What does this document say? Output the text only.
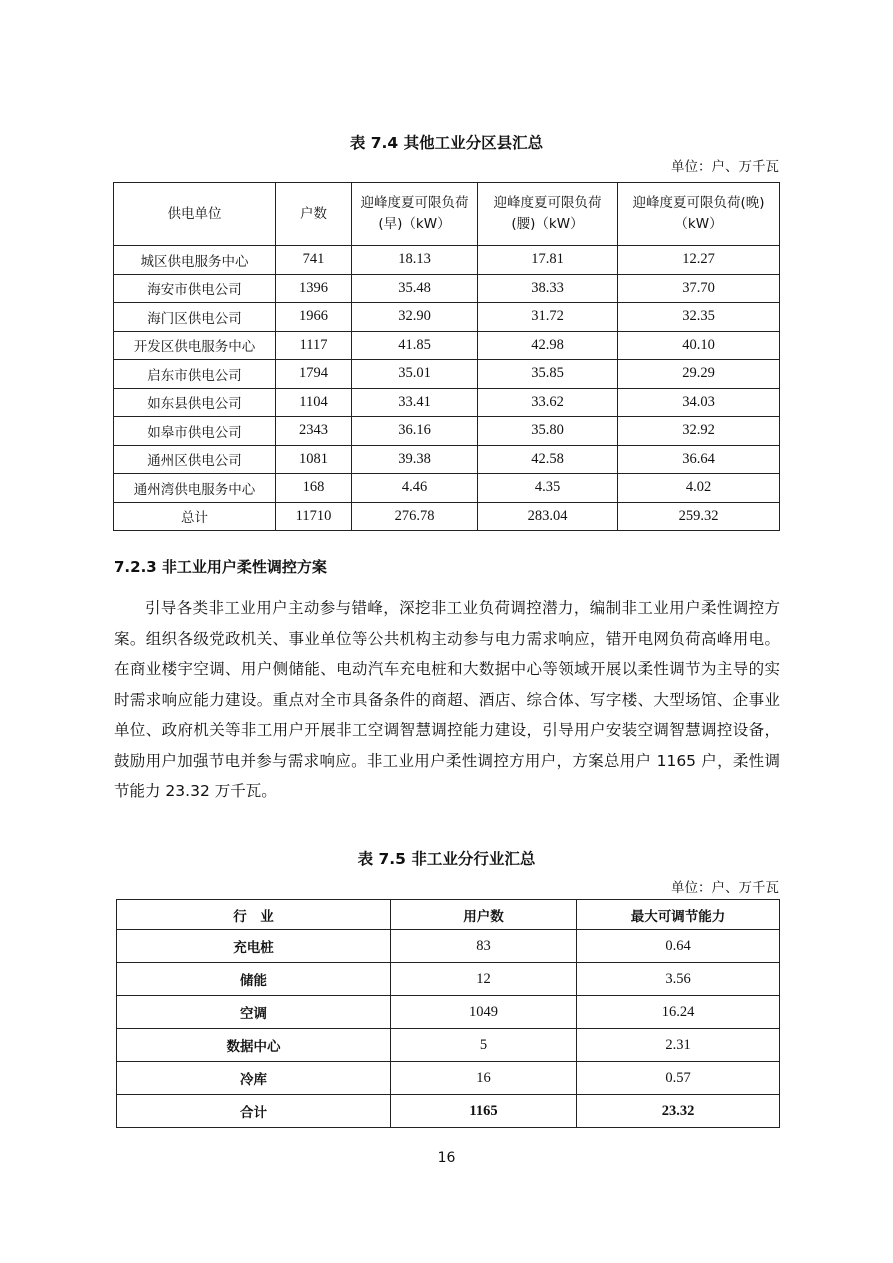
表 7.4 其他工业分区县汇总
单位：户、万千瓦
供电单位	户数	迎峰度夏可限负荷(早)（kW）	迎峰度夏可限负荷(腰)（kW）	迎峰度夏可限负荷(晚)（kW）
城区供电服务中心	741	18.13	17.81	12.27
海安市供电公司	1396	35.48	38.33	37.70
海门区供电公司	1966	32.90	31.72	32.35
开发区供电服务中心	1117	41.85	42.98	40.10
启东市供电公司	1794	35.01	35.85	29.29
如东县供电公司	1104	33.41	33.62	34.03
如皋市供电公司	2343	36.16	35.80	32.92
通州区供电公司	1081	39.38	42.58	36.64
通州湾供电服务中心	168	4.46	4.35	4.02
总计	11710	276.78	283.04	259.32
7.2.3 非工业用户柔性调控方案
引导各类非工业用户主动参与错峰，深挖非工业负荷调控潜力，编制非工业用户柔性调控方案。组织各级党政机关、事业单位等公共机构主动参与电力需求响应，错开电网负荷高峰用电。在商业楼宇空调、用户侧储能、电动汽车充电桩和大数据中心等领域开展以柔性调节为主导的实时需求响应能力建设。重点对全市具备条件的商超、酒店、综合体、写字楼、大型场馆、企事业单位、政府机关等非工用户开展非工空调智慧调控能力建设，引导用户安装空调智慧调控设备，鼓励用户加强节电并参与需求响应。非工业用户柔性调控方用户，方案总用户 1165 户，柔性调节能力 23.32 万千瓦。
表 7.5 非工业分行业汇总
单位：户、万千瓦
行　业	用户数	最大可调节能力
充电桩	83	0.64
储能	12	3.56
空调	1049	16.24
数据中心	5	2.31
冷库	16	0.57
合计	1165	23.32
16
